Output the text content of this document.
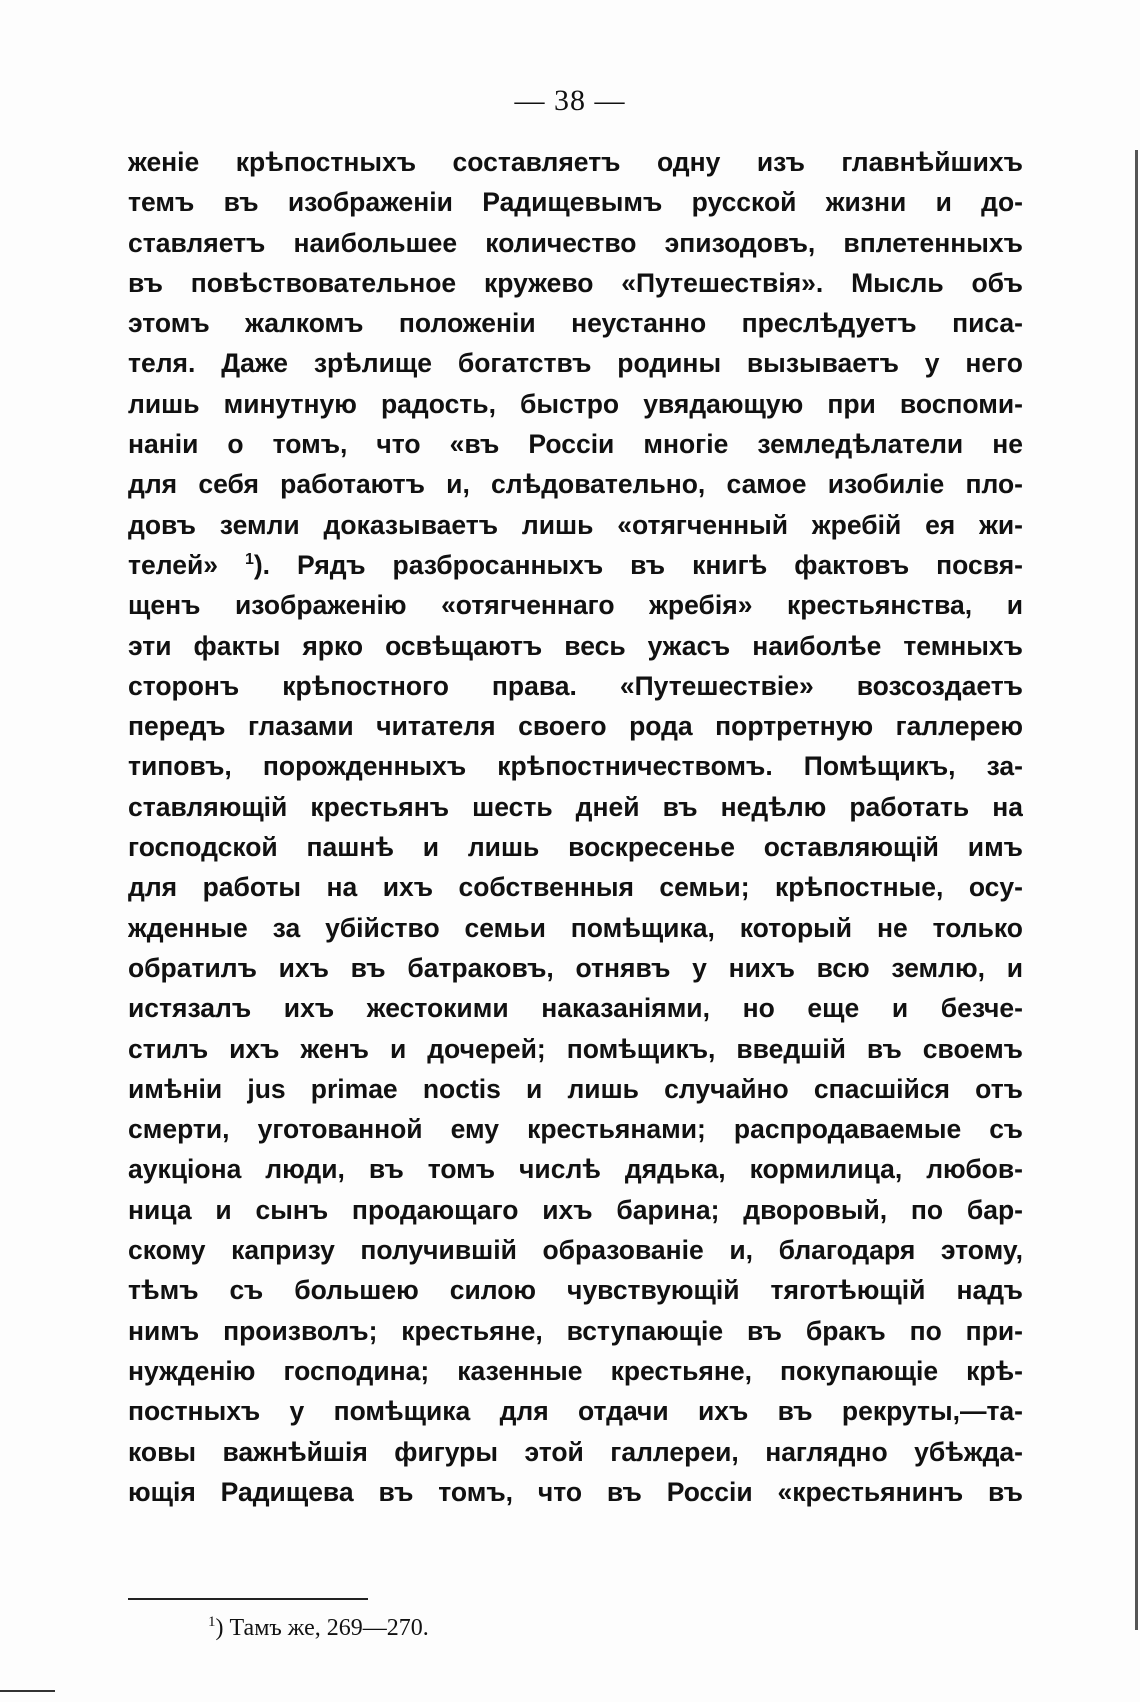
— 38 —
женіе крѣпостныхъ составляетъ одну изъ главнѣйшихъ
темъ въ изображеніи Радищевымъ русской жизни и до-
ставляетъ наибольшее количество эпизодовъ, вплетенныхъ
въ повѣствовательное кружево «Путешествія». Мысль объ
этомъ жалкомъ положеніи неустанно преслѣдуетъ писа-
теля. Даже зрѣлище богатствъ родины вызываетъ у него
лишь минутную радость, быстро увядающую при воспоми-
наніи о томъ, что «въ Россіи многіе земледѣлатели не
для себя работаютъ и, слѣдовательно, самое изобиліе пло-
довъ земли доказываетъ лишь «отягченный жребій ея жи-
телей» $^1$). Рядъ разбросанныхъ въ книгѣ фактовъ посвя-
щенъ изображенію «отягченнаго жребія» крестьянства, и
эти факты ярко освѣщаютъ весь ужасъ наиболѣе темныхъ
сторонъ крѣпостного права. «Путешествіе» возсоздаетъ
передъ глазами читателя своего рода портретную галлерею
типовъ, порожденныхъ крѣпостничествомъ. Помѣщикъ, за-
ставляющій крестьянъ шесть дней въ недѣлю работать на
господской пашнѣ и лишь воскресенье оставляющій имъ
для работы на ихъ собственныя семьи; крѣпостные, осу-
жденные за убійство семьи помѣщика, который не только
обратилъ ихъ въ батраковъ, отнявъ у нихъ всю землю, и
истязалъ ихъ жестокими наказаніями, но еще и безче-
стилъ ихъ женъ и дочерей; помѣщикъ, введшій въ своемъ
имѣніи jus primae noctis и лишь случайно спасшійся отъ
смерти, уготованной ему крестьянами; распродаваемые съ
аукціона люди, въ томъ числѣ дядька, кормилица, любов-
ница и сынъ продающаго ихъ барина; дворовый, по бар-
скому капризу получившій образованіе и, благодаря этому,
тѣмъ съ большею силою чувствующій тяготѣющій надъ
нимъ произволъ; крестьяне, вступающіе въ бракъ по при-
нужденію господина; казенные крестьяне, покупающіе крѣ-
постныхъ у помѣщика для отдачи ихъ въ рекруты,—та-
ковы важнѣйшія фигуры этой галлереи, наглядно убѣжда-
ющія Радищева въ томъ, что въ Россіи «крестьянинъ въ
$^1$) Тамъ же, 269—270.
